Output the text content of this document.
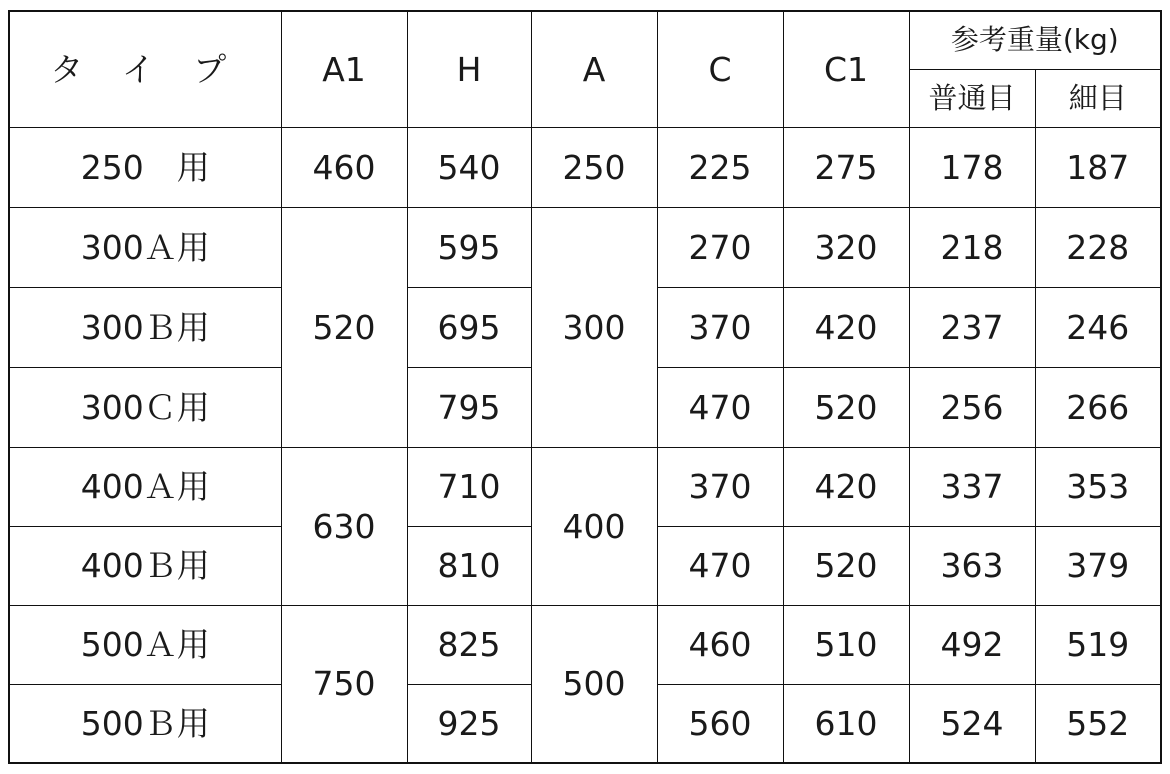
タ イ プ	A1	H	A	C	C1	参考重量(kg)	
						普通目	細目
250　用	460	540	250	225	275	178	187
300Ａ用	520	595	300	270	320	218	228
300Ｂ用		695		370	420	237	246
300Ｃ用		795		470	520	256	266
400Ａ用	630	710	400	370	420	337	353
400Ｂ用		810		470	520	363	379
500Ａ用	750	825	500	460	510	492	519
500Ｂ用		925		560	610	524	552
